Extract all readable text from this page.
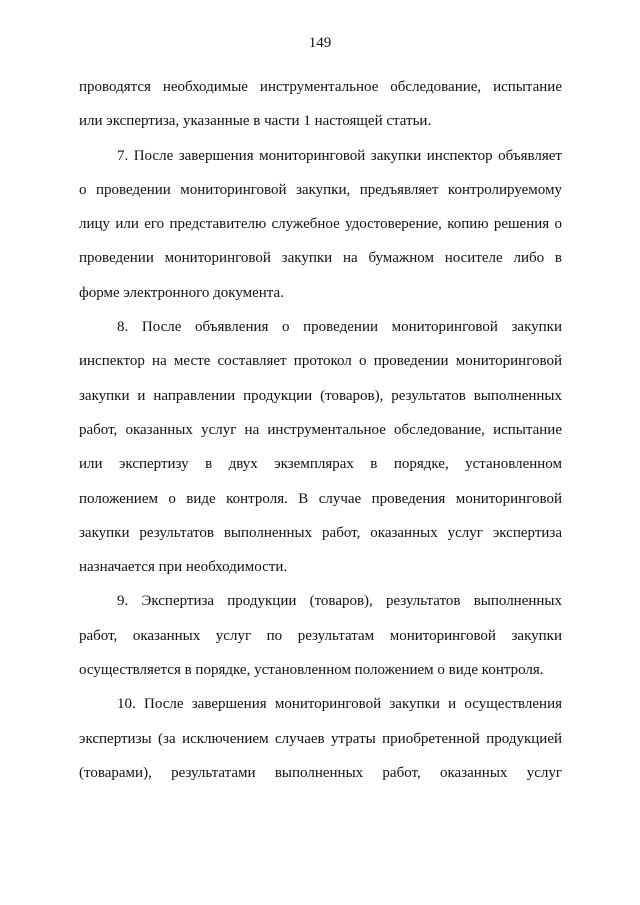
149
проводятся необходимые инструментальное обследование, испытание
или экспертиза, указанные в части 1 настоящей статьи.
7. После завершения мониторинговой закупки инспектор объявляет
о проведении мониторинговой закупки, предъявляет контролируемому
лицу или его представителю служебное удостоверение, копию решения о
проведении мониторинговой закупки на бумажном носителе либо в
форме электронного документа.
8. После объявления о проведении мониторинговой закупки
инспектор на месте составляет протокол о проведении мониторинговой
закупки и направлении продукции (товаров), результатов выполненных
работ, оказанных услуг на инструментальное обследование, испытание
или экспертизу в двух экземплярах в порядке, установленном
положением о виде контроля. В случае проведения мониторинговой
закупки результатов выполненных работ, оказанных услуг экспертиза
назначается при необходимости.
9. Экспертиза продукции (товаров), результатов выполненных
работ, оказанных услуг по результатам мониторинговой закупки
осуществляется в порядке, установленном положением о виде контроля.
10. После завершения мониторинговой закупки и осуществления
экспертизы (за исключением случаев утраты приобретенной продукцией
(товарами), результатами выполненных работ, оказанных услуг
